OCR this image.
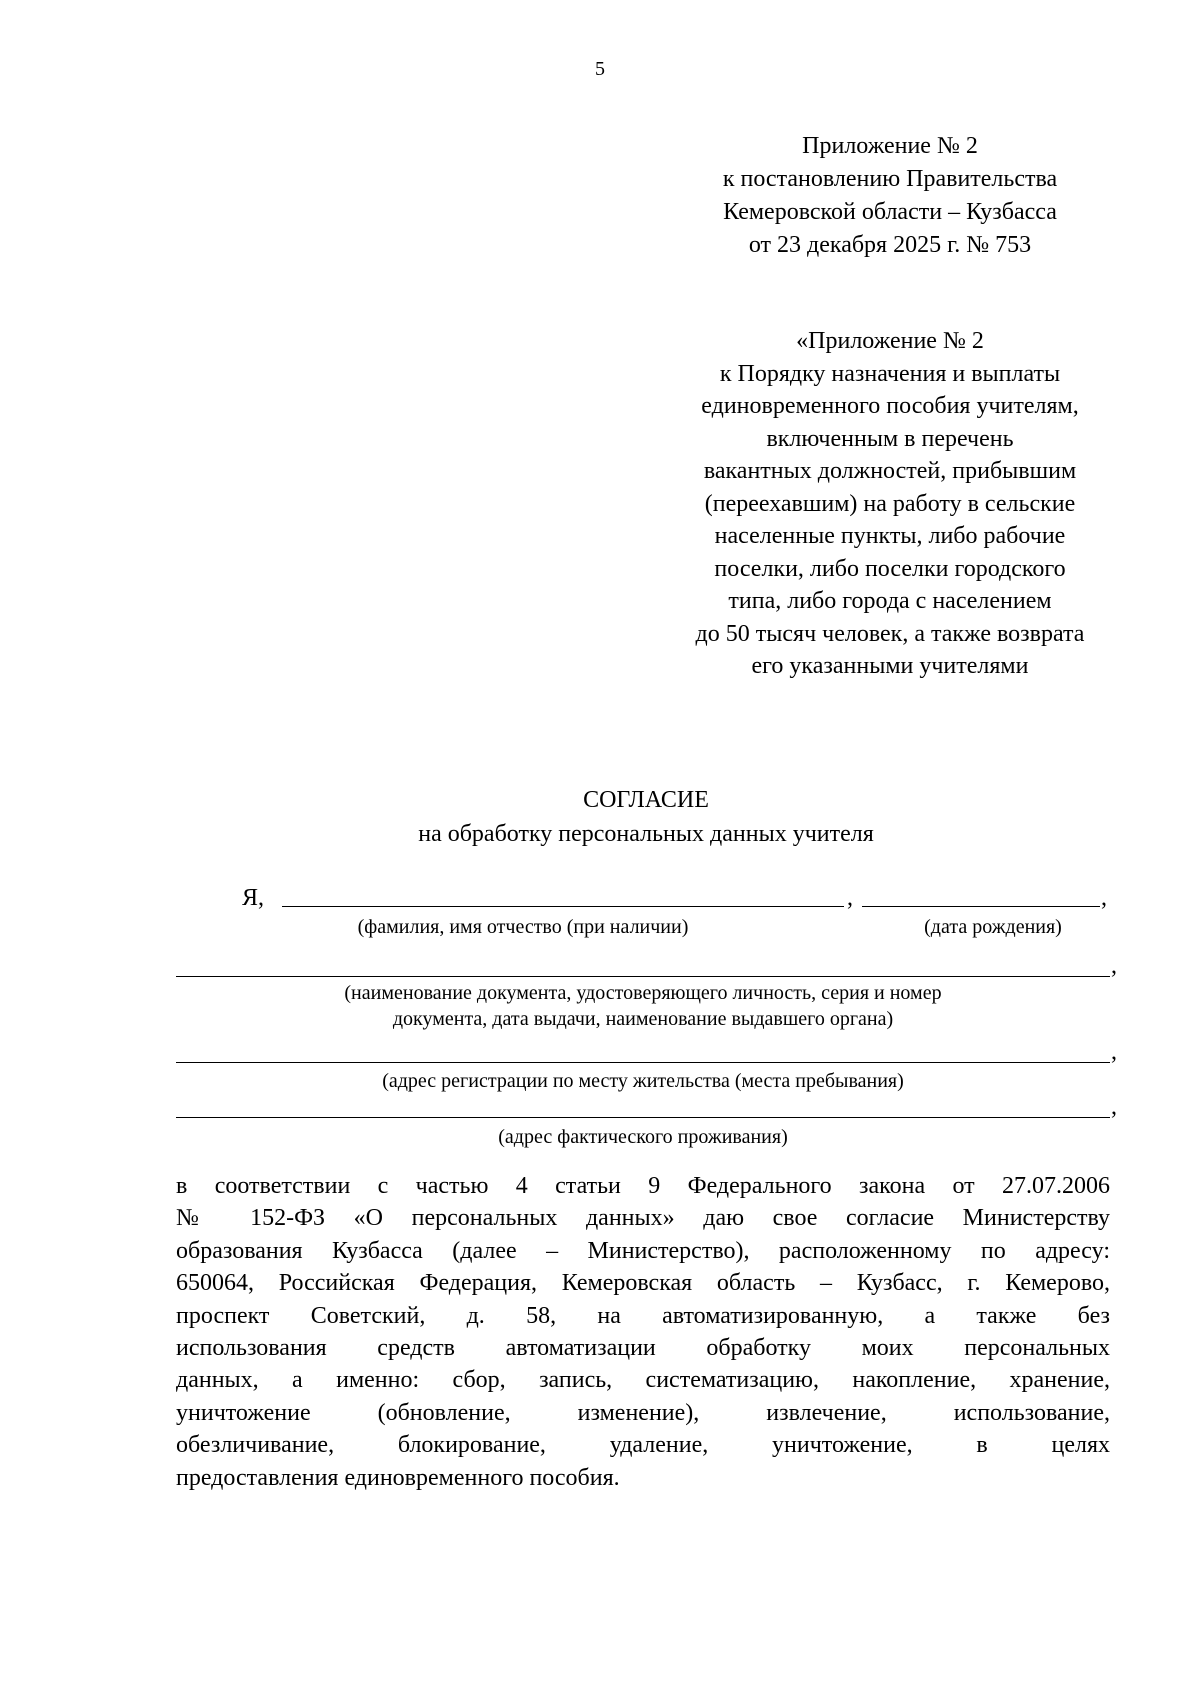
5
Приложение № 2
к постановлению Правительства
Кемеровской области – Кузбасса
от 23 декабря 2025 г. № 753
«Приложение № 2
к Порядку назначения и выплаты
единовременного пособия учителям,
включенным в перечень
вакантных должностей, прибывшим
(переехавшим) на работу в сельские
населенные пункты, либо рабочие
поселки, либо поселки городского
типа, либо города с населением
до 50 тысяч человек, а также возврата
его указанными учителями
СОГЛАСИЕ
на обработку персональных данных учителя
Я,	,	,
(фамилия, имя отчество (при наличии)	(дата рождения)
,
(наименование документа, удостоверяющего личность, серия и номер
документа, дата выдачи, наименование выдавшего органа)
,
(адрес регистрации по месту жительства (места пребывания)
,
(адрес фактического проживания)
в соответствии с частью 4 статьи 9 Федерального закона от 27.07.2006
№ 152-ФЗ «О персональных данных» даю свое согласие Министерству
образования Кузбасса (далее – Министерство), расположенному по адресу:
650064, Российская Федерация, Кемеровская область – Кузбасс, г. Кемерово,
проспект Советский, д. 58, на автоматизированную, а также без
использования средств автоматизации обработку моих персональных
данных, а именно: сбор, запись, систематизацию, накопление, хранение,
уничтожение (обновление, изменение), извлечение, использование,
обезличивание, блокирование, удаление, уничтожение, в целях
предоставления единовременного пособия.
